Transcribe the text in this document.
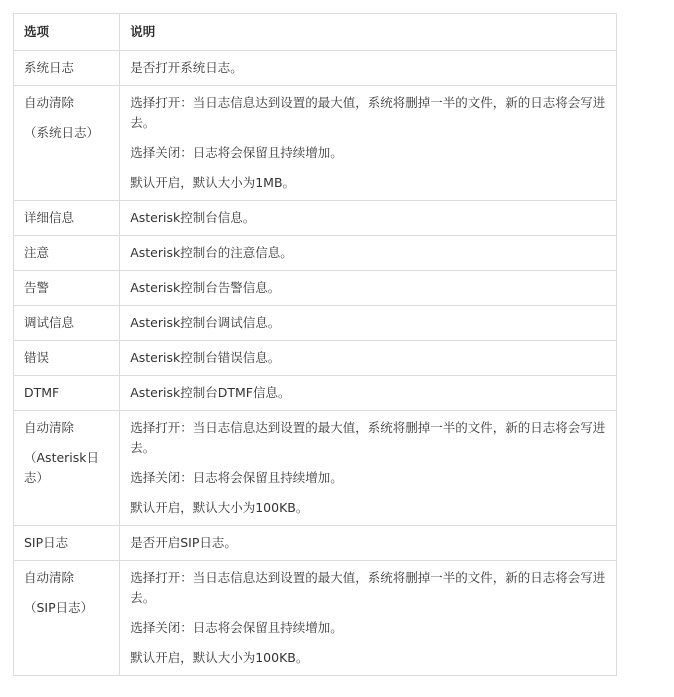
选项	说明

系统日志	是否打开系统日志。

自动清除
（系统日志）	选择打开：当日志信息达到设置的最大值，系统将删掉一半的文件，新的日志将会写进去。
选择关闭：日志将会保留且持续增加。
默认开启，默认大小为1MB。

详细信息	Asterisk控制台信息。

注意	Asterisk控制台的注意信息。

告警	Asterisk控制台告警信息。

调试信息	Asterisk控制台调试信息。

错误	Asterisk控制台错误信息。

DTMF	Asterisk控制台DTMF信息。

自动清除
（Asterisk日志）	选择打开：当日志信息达到设置的最大值，系统将删掉一半的文件，新的日志将会写进去。
选择关闭：日志将会保留且持续增加。
默认开启，默认大小为100KB。

SIP日志	是否开启SIP日志。

自动清除
（SIP日志）	选择打开：当日志信息达到设置的最大值，系统将删掉一半的文件，新的日志将会写进去。
选择关闭：日志将会保留且持续增加。
默认开启，默认大小为100KB。
